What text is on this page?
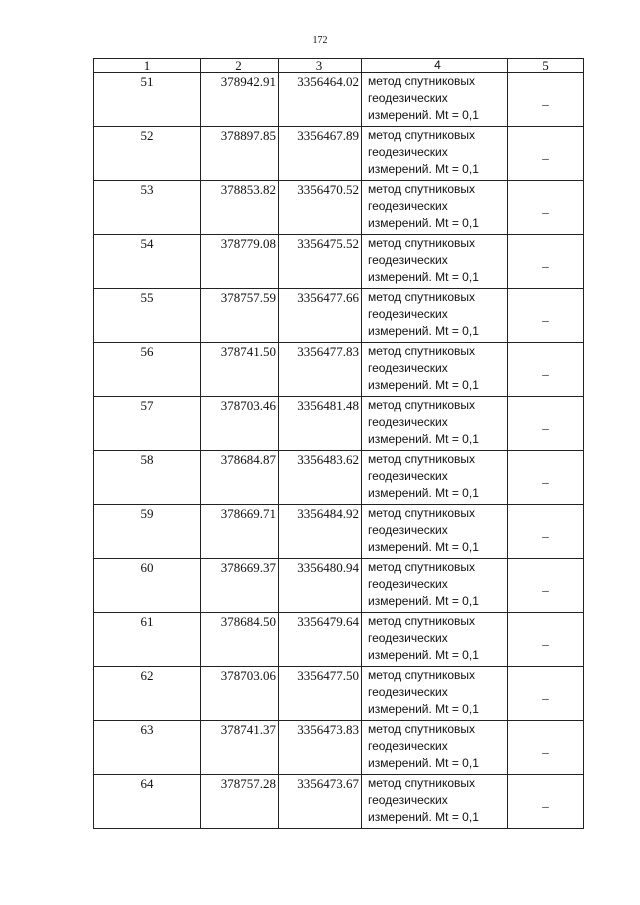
172
1	2	3	4	5
51	378942.91	3356464.02	метод спутниковых
геодезических
измерений. Mt = 0,1	_
52	378897.85	3356467.89	метод спутниковых
геодезических
измерений. Mt = 0,1	_
53	378853.82	3356470.52	метод спутниковых
геодезических
измерений. Mt = 0,1	_
54	378779.08	3356475.52	метод спутниковых
геодезических
измерений. Mt = 0,1	_
55	378757.59	3356477.66	метод спутниковых
геодезических
измерений. Mt = 0,1	_
56	378741.50	3356477.83	метод спутниковых
геодезических
измерений. Mt = 0,1	_
57	378703.46	3356481.48	метод спутниковых
геодезических
измерений. Mt = 0,1	_
58	378684.87	3356483.62	метод спутниковых
геодезических
измерений. Mt = 0,1	_
59	378669.71	3356484.92	метод спутниковых
геодезических
измерений. Mt = 0,1	_
60	378669.37	3356480.94	метод спутниковых
геодезических
измерений. Mt = 0,1	_
61	378684.50	3356479.64	метод спутниковых
геодезических
измерений. Mt = 0,1	_
62	378703.06	3356477.50	метод спутниковых
геодезических
измерений. Mt = 0,1	_
63	378741.37	3356473.83	метод спутниковых
геодезических
измерений. Mt = 0,1	_
64	378757.28	3356473.67	метод спутниковых
геодезических
измерений. Mt = 0,1	_
